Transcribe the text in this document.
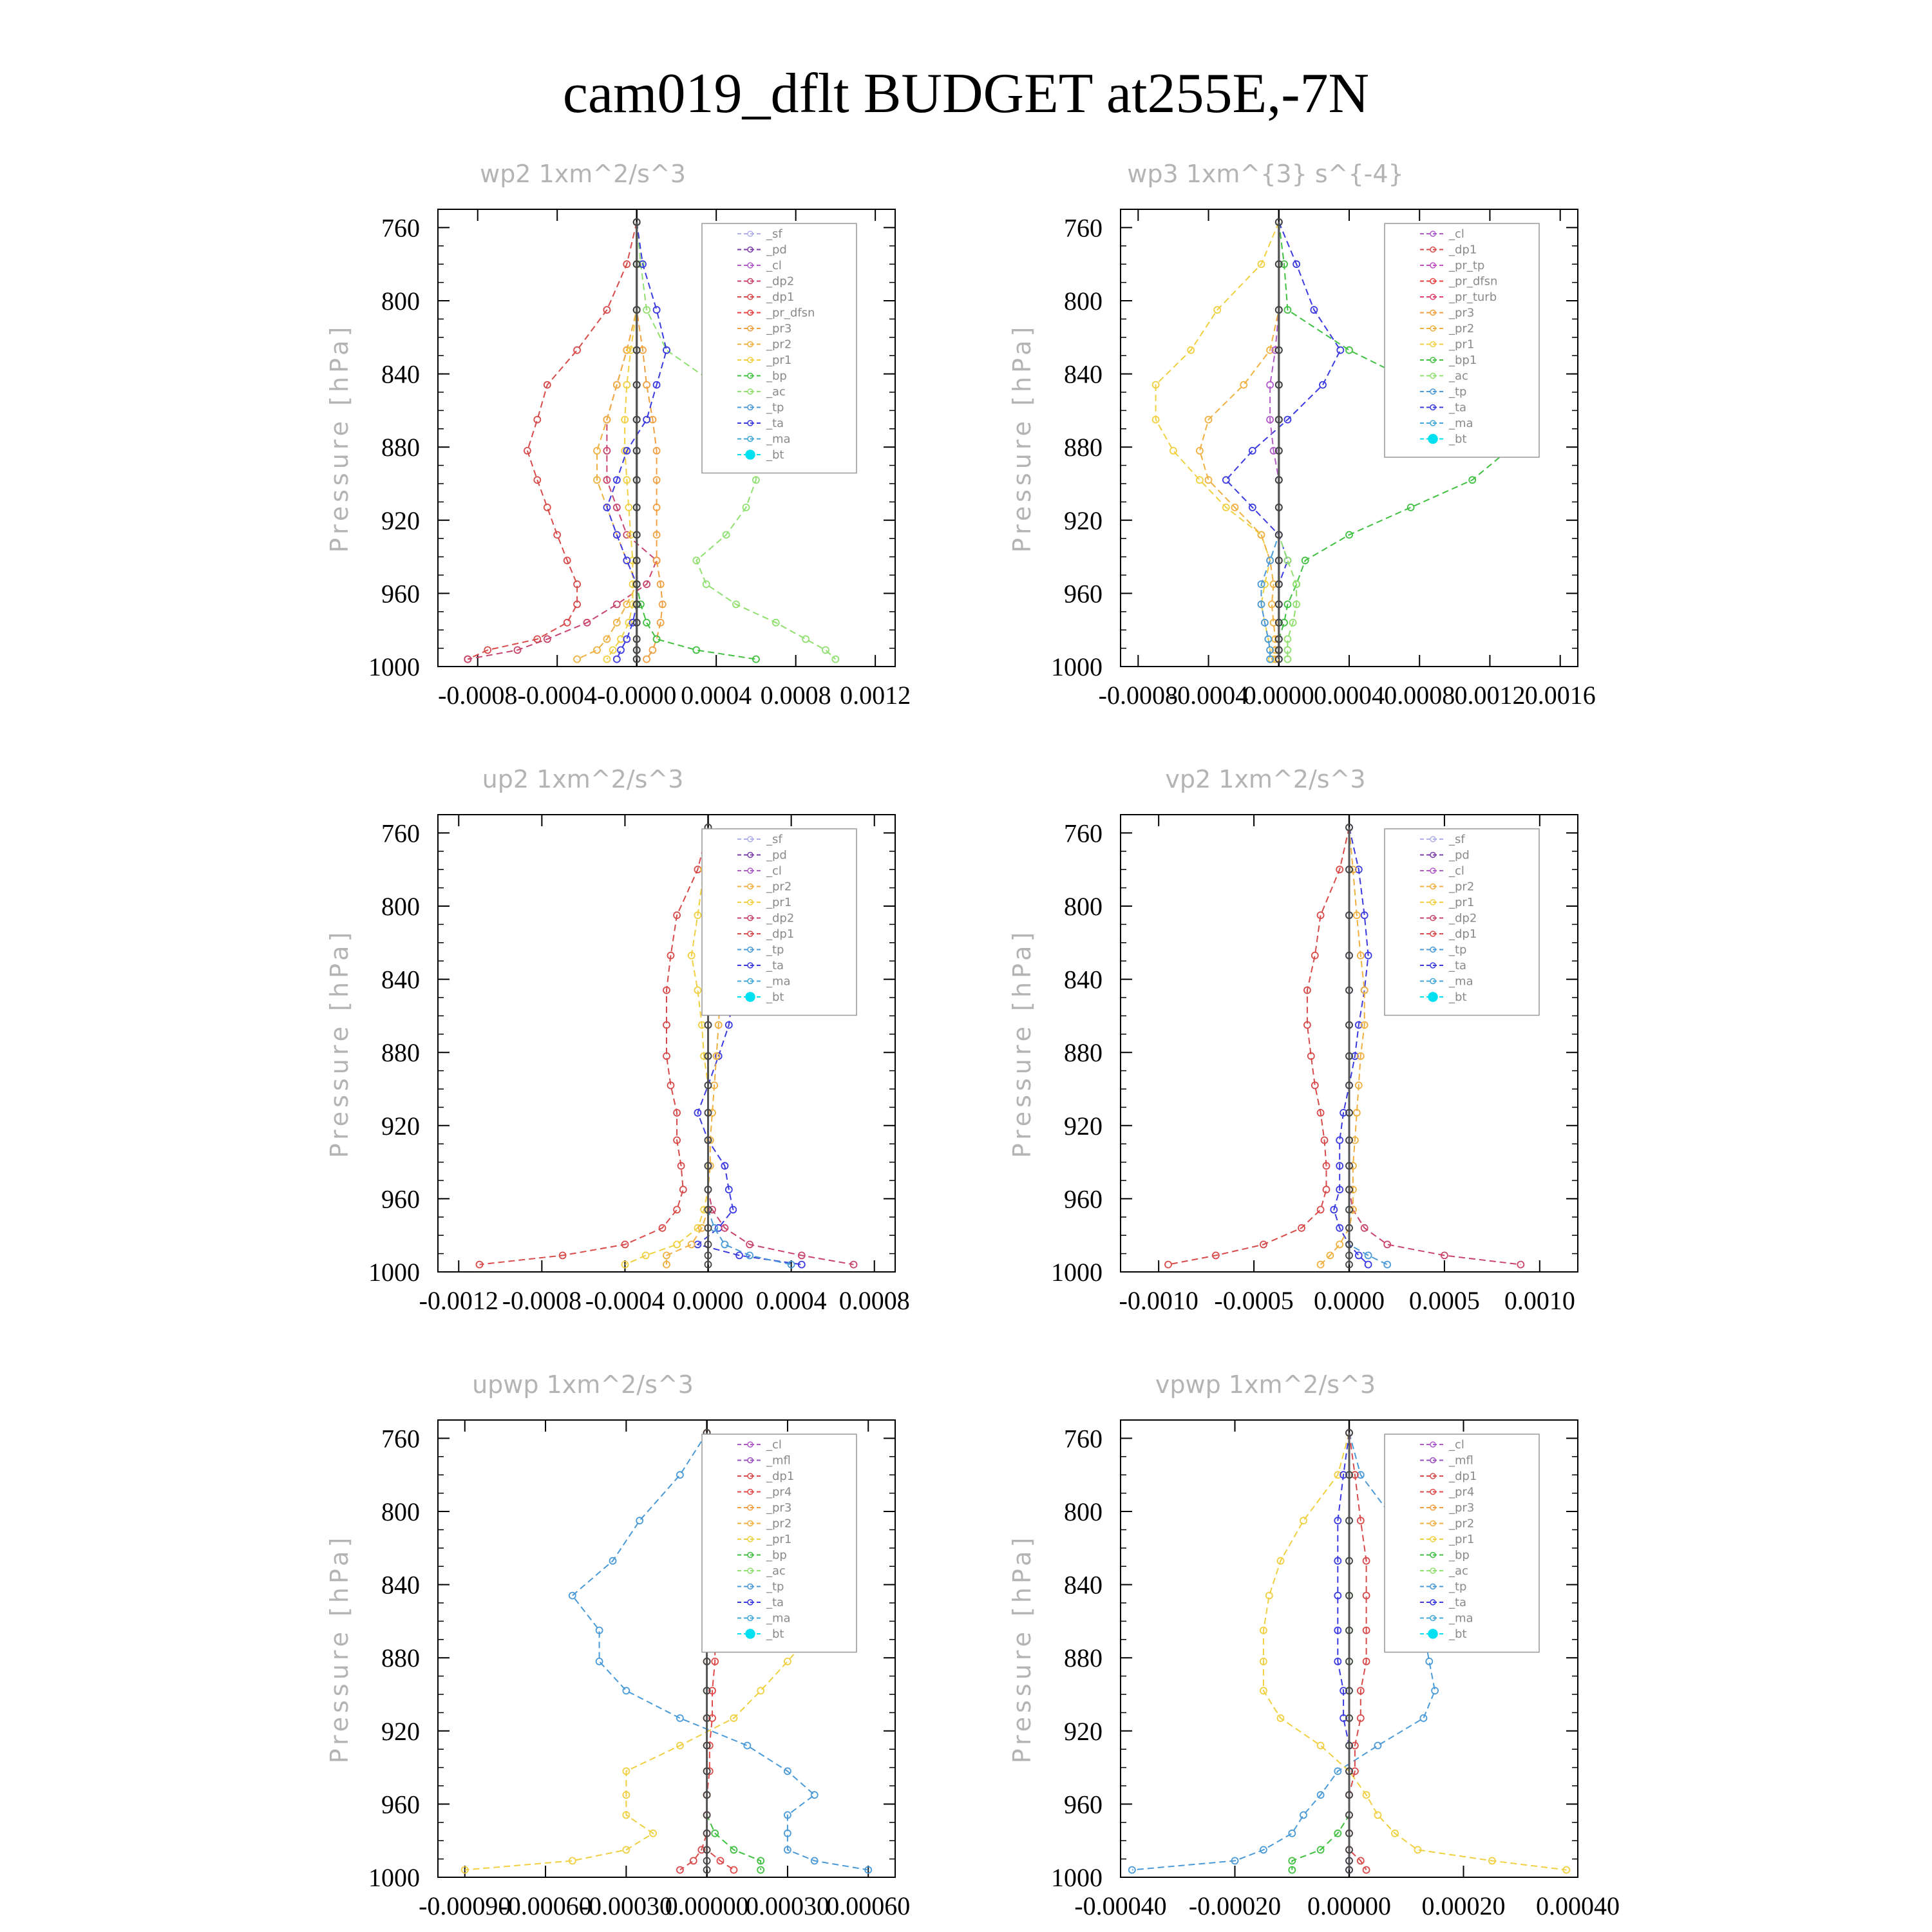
cam019_dflt BUDGET at255E,-7N
wp2 1xm^2/s^3
Pressure [hPa]
760
800
840
880
920
960
1000
-0.0008 -0.0004 -0.0000 0.0004 0.0008 0.0012
_sf
_pd
_cl
_dp2
_dp1
_pr_dfsn
_pr3
_pr2
_pr1
_bp
_ac
_tp
_ta
_ma
_bt
wp3 1xm^{3} s^{-4}
Pressure [hPa]
760
800
840
880
920
960
1000
-0.0008
-0.0004
0.0000 0.0004 0.0008 0.0012 0.0016
_cl
_dp1
_pr_tp
_pr_dfsn
_pr_turb
_pr3
_pr2
_pr1
_bp1
_ac
_tp
_ta
_ma
_bt
up2 1xm^2/s^3
Pressure [hPa]
760
800
840
880
920
960
1000
-0.0012 -0.0008 -0.0004 0.0000 0.0004 0.0008
_sf
_pd
_cl
_pr2
_pr1
_dp2
_dp1
_tp
_ta
_ma
_bt
vp2 1xm^2/s^3
Pressure [hPa]
760
800
840
880
920
960
1000
-0.0010 -0.0005 0.0000 0.0005 0.0010
_sf
_pd
_cl
_pr2
_pr1
_dp2
_dp1
_tp
_ta
_ma
_bt
upwp 1xm^2/s^3
Pressure [hPa]
760
800
840
880
920
960
1000
-0.00090
-0.00060
-0.00030
0.00000
0.00030
0.00060
_cl
_mfl
_dp1
_pr4
_pr3
_pr2
_pr1
_bp
_ac
_tp
_ta
_ma
_bt
vpwp 1xm^2/s^3
Pressure [hPa]
760
800
840
880
920
960
1000
-0.00040 -0.00020 0.00000 0.00020 0.00040
_cl
_mfl
_dp1
_pr4
_pr3
_pr2
_pr1
_bp
_ac
_tp
_ta
_ma
_bt
